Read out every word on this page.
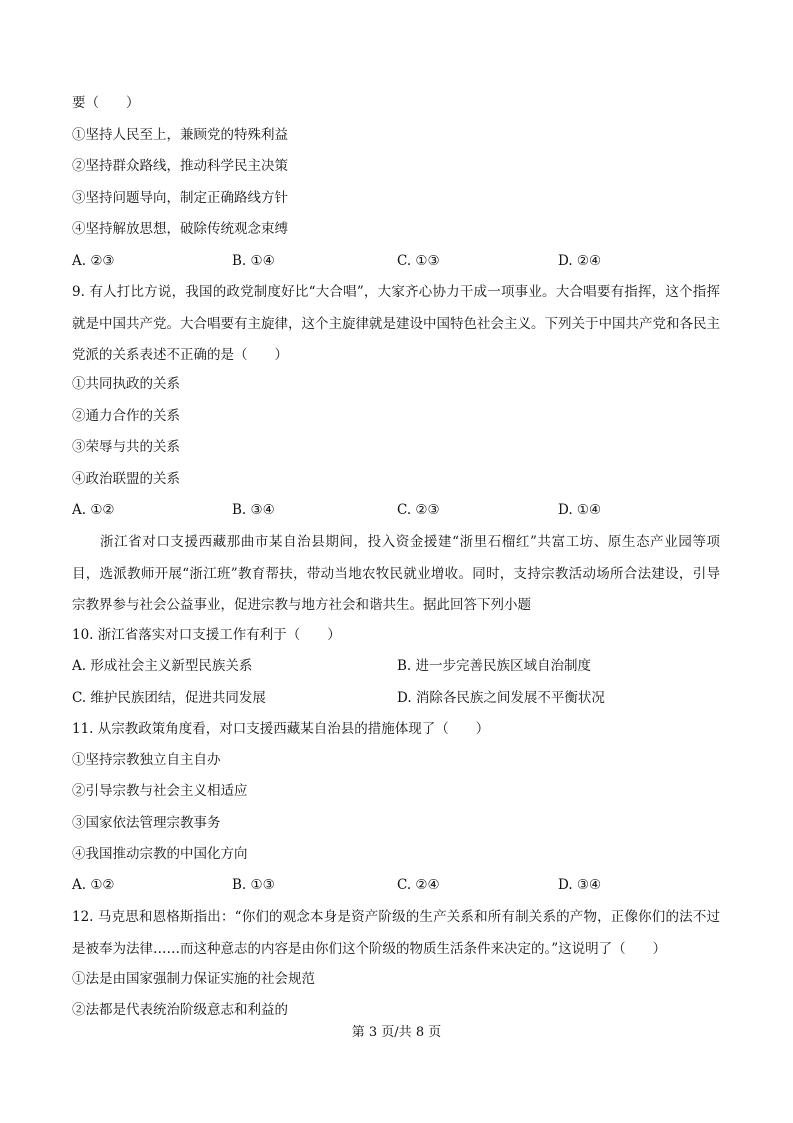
要（　　）
①坚持人民至上，兼顾党的特殊利益
②坚持群众路线，推动科学民主决策
③坚持问题导向，制定正确路线方针
④坚持解放思想，破除传统观念束缚
A. ②③	B. ①④	C. ①③	D. ②④
9. 有人打比方说，我国的政党制度好比“大合唱”，大家齐心协力干成一项事业。大合唱要有指挥，这个指挥就是中国共产党。大合唱要有主旋律，这个主旋律就是建设中国特色社会主义。下列关于中国共产党和各民主党派的关系表述不正确的是（　　）
①共同执政的关系
②通力合作的关系
③荣辱与共的关系
④政治联盟的关系
A. ①②	B. ③④	C. ②③	D. ①④
浙江省对口支援西藏那曲市某自治县期间，投入资金援建“浙里石榴红”共富工坊、原生态产业园等项目，选派教师开展“浙江班”教育帮扶，带动当地农牧民就业增收。同时，支持宗教活动场所合法建设，引导宗教界参与社会公益事业，促进宗教与地方社会和谐共生。据此回答下列小题
10. 浙江省落实对口支援工作有利于（　　）
A. 形成社会主义新型民族关系	B. 进一步完善民族区域自治制度
C. 维护民族团结，促进共同发展	D. 消除各民族之间发展不平衡状况
11. 从宗教政策角度看，对口支援西藏某自治县的措施体现了（　　）
①坚持宗教独立自主自办
②引导宗教与社会主义相适应
③国家依法管理宗教事务
④我国推动宗教的中国化方向
A. ①②	B. ①③	C. ②④	D. ③④
12. 马克思和恩格斯指出：“你们的观念本身是资产阶级的生产关系和所有制关系的产物，正像你们的法不过是被奉为法律……而这种意志的内容是由你们这个阶级的物质生活条件来决定的。”这说明了（　　）
①法是由国家强制力保证实施的社会规范
②法都是代表统治阶级意志和利益的
第 3 页/共 8 页
